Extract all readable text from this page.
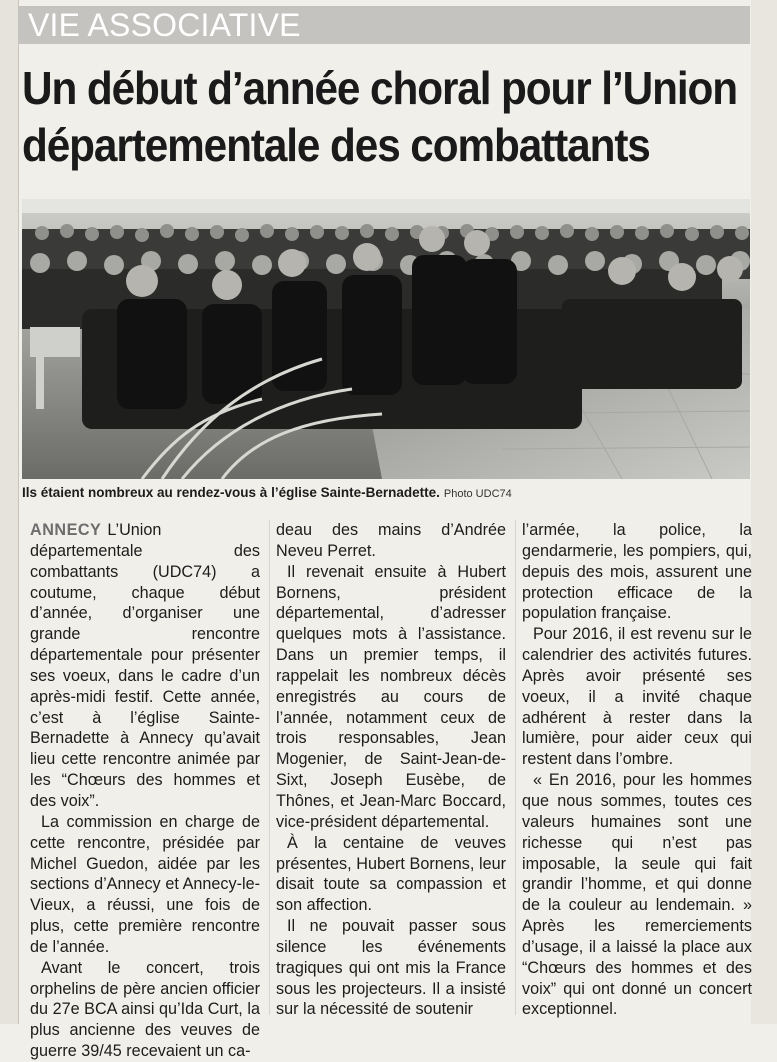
VIE ASSOCIATIVE
Un début d’année choral pour l’Union
départementale des combattants
Ils étaient nombreux au rendez-vous à l’église Sainte-Bernadette. Photo UDC74

ANNECY L’Union départementale des combattants (UDC74) a coutume, chaque début d’année, d’organiser une grande rencontre départementale pour présenter ses voeux, dans le cadre d’un après-midi festif. Cette année, c’est à l’église Sainte-Bernadette à Annecy qu’avait lieu cette rencontre animée par les “Chœurs des hommes et des voix”.

La commission en charge de cette rencontre, présidée par Michel Guedon, aidée par les sections d’Annecy et Annecy-le-Vieux, a réussi, une fois de plus, cette première rencontre de l’année.

Avant le concert, trois orphelins de père ancien officier du 27e BCA ainsi qu’Ida Curt, la plus ancienne des veuves de guerre 39/45 recevaient un ca-

deau des mains d’Andrée Neveu Perret.

Il revenait ensuite à Hubert Bornens, président départemental, d’adresser quelques mots à l’assistance. Dans un premier temps, il rappelait les nombreux décès enregistrés au cours de l’année, notamment ceux de trois responsables, Jean Mogenier, de Saint-Jean-de-Sixt, Joseph Eusèbe, de Thônes, et Jean-Marc Boccard, vice-président départemental.

À la centaine de veuves présentes, Hubert Bornens, leur disait toute sa compassion et son affection.

Il ne pouvait passer sous silence les événements tragiques qui ont mis la France sous les projecteurs. Il a insisté sur la nécessité de soutenir

l’armée, la police, la gendarmerie, les pompiers, qui, depuis des mois, assurent une protection efficace de la population française.

Pour 2016, il est revenu sur le calendrier des activités futures. Après avoir présenté ses voeux, il a invité chaque adhérent à rester dans la lumière, pour aider ceux qui restent dans l’ombre.

« En 2016, pour les hommes que nous sommes, toutes ces valeurs humaines sont une richesse qui n’est pas imposable, la seule qui fait grandir l’homme, et qui donne de la couleur au lendemain. » Après les remerciements d’usage, il a laissé la place aux “Chœurs des hommes et des voix” qui ont donné un concert exceptionnel.
